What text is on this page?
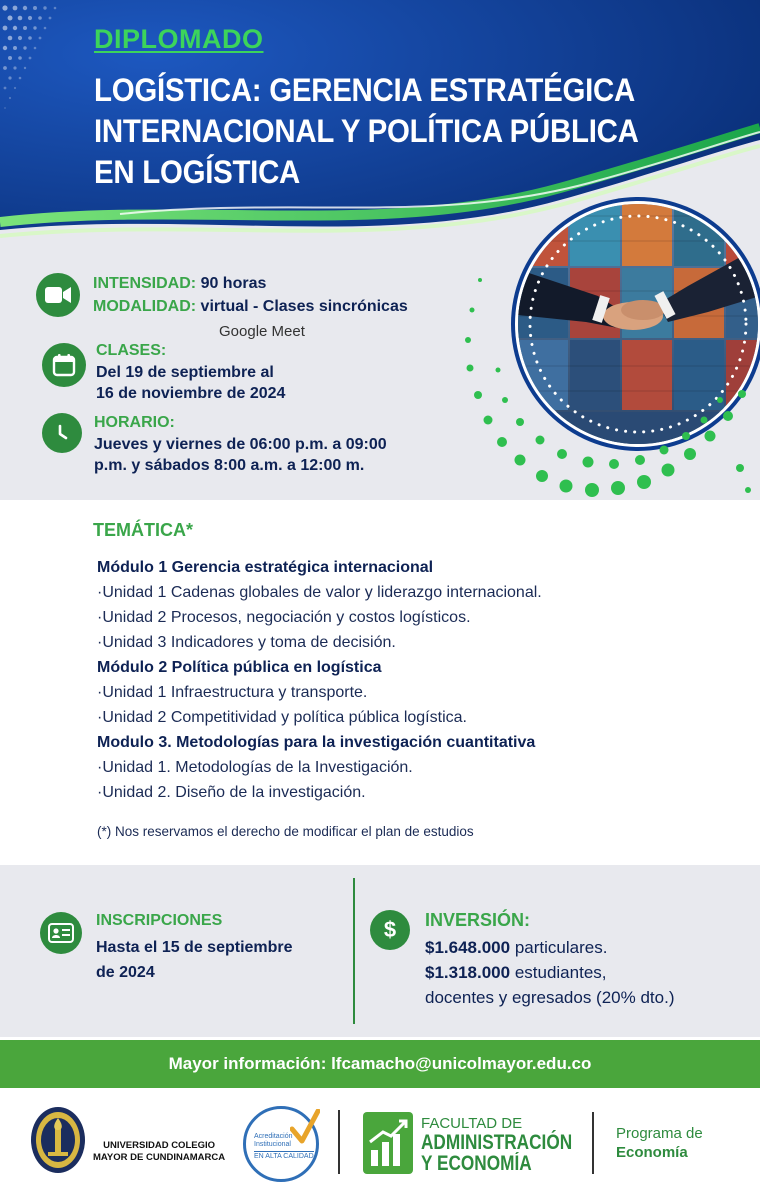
DIPLOMADO
LOGÍSTICA: GERENCIA ESTRATÉGICA
INTERNACIONAL Y POLÍTICA PÚBLICA
EN LOGÍSTICA
INTENSIDAD: 90 horas
MODALIDAD: virtual - Clases sincrónicas
Google Meet
CLASES:
Del 19 de septiembre al
16 de noviembre de 2024
HORARIO:
Jueves y viernes de 06:00 p.m. a 09:00
p.m. y sábados 8:00 a.m. a 12:00 m.
TEMÁTICA*
Módulo 1 Gerencia estratégica internacional
·Unidad 1 Cadenas globales de valor y liderazgo internacional.
·Unidad 2 Procesos, negociación y costos logísticos.
·Unidad 3 Indicadores y toma de decisión.
Módulo 2 Política pública en logística
·Unidad 1 Infraestructura y transporte.
·Unidad 2 Competitividad y política pública logística.
Modulo 3. Metodologías para la investigación cuantitativa
·Unidad 1. Metodologías de la Investigación.
·Unidad 2. Diseño de la investigación.
(*) Nos reservamos el derecho de modificar el plan de estudios
INSCRIPCIONES
Hasta el 15 de septiembre
de 2024
$	INVERSIÓN:
$1.648.000 particulares.
$1.318.000 estudiantes,
docentes y egresados (20% dto.)
Mayor información: lfcamacho@unicolmayor.edu.co
UNIVERSIDAD COLEGIO
MAYOR DE CUNDINAMARCA
Acreditación
Institucional
EN ALTA CALIDAD
FACULTAD DE
ADMINISTRACIÓN
Y ECONOMÍA
Programa de
Economía
